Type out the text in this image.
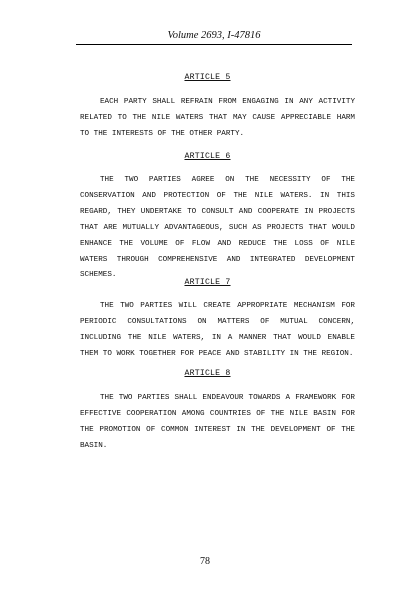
Volume 2693, I-47816
ARTICLE 5

EACH PARTY SHALL REFRAIN FROM ENGAGING IN ANY ACTIVITY RELATED TO THE NILE WATERS THAT MAY CAUSE APPRECIABLE HARM TO THE INTERESTS OF THE OTHER PARTY.

ARTICLE 6

THE TWO PARTIES AGREE ON THE NECESSITY OF THE CONSERVATION AND PROTECTION OF THE NILE WATERS. IN THIS REGARD, THEY UNDERTAKE TO CONSULT AND COOPERATE IN PROJECTS THAT ARE MUTUALLY ADVANTAGEOUS, SUCH AS PROJECTS THAT WOULD ENHANCE THE VOLUME OF FLOW AND REDUCE THE LOSS OF NILE WATERS THROUGH COMPREHENSIVE AND INTEGRATED DEVELOPMENT SCHEMES.

ARTICLE 7

THE TWO PARTIES WILL CREATE APPROPRIATE MECHANISM FOR PERIODIC CONSULTATIONS ON MATTERS OF MUTUAL CONCERN, INCLUDING THE NILE WATERS, IN A MANNER THAT WOULD ENABLE THEM TO WORK TOGETHER FOR PEACE AND STABILITY IN THE REGION.

ARTICLE 8

THE TWO PARTIES SHALL ENDEAVOUR TOWARDS A FRAMEWORK FOR EFFECTIVE COOPERATION AMONG COUNTRIES OF THE NILE BASIN FOR THE PROMOTION OF COMMON INTEREST IN THE DEVELOPMENT OF THE BASIN.

78
